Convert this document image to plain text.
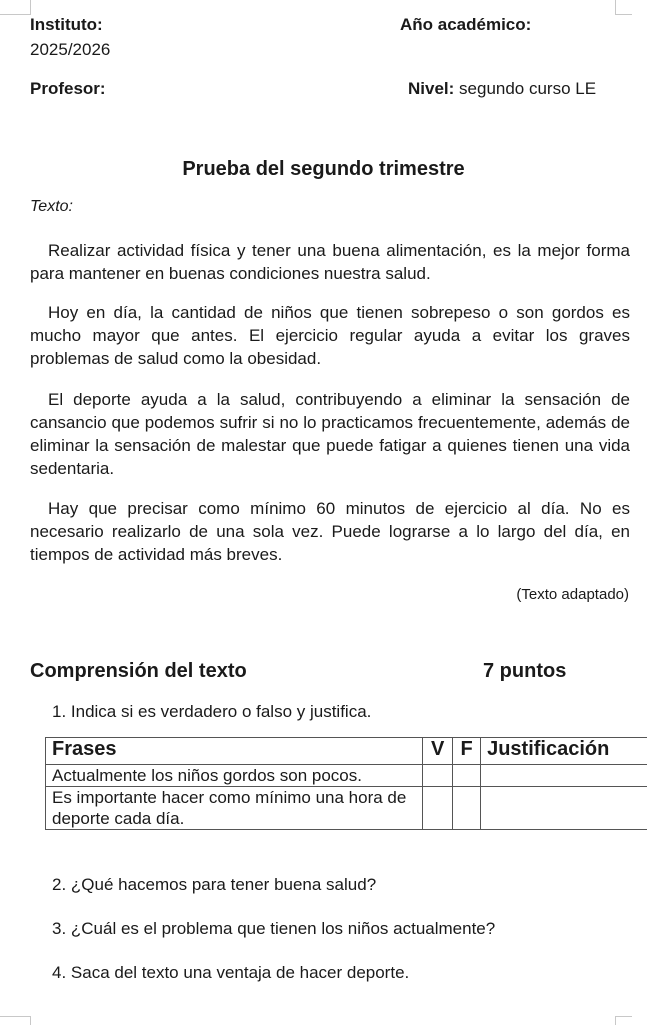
Instituto:	Año académico:
2025/2026
Profesor:	Nivel: segundo curso LE
Prueba del segundo trimestre
Texto:
Realizar actividad física y tener una buena alimentación, es la mejor forma para mantener en buenas condiciones nuestra salud.
Hoy en día, la cantidad de niños que tienen sobrepeso o son gordos es mucho mayor que antes. El ejercicio regular ayuda a evitar los graves problemas de salud como la obesidad.
El deporte ayuda a la salud, contribuyendo a eliminar la sensación de cansancio que podemos sufrir si no lo practicamos frecuentemente, además de eliminar la sensación de malestar que puede fatigar a quienes tienen una vida sedentaria.
Hay que precisar como mínimo 60 minutos de ejercicio al día. No es necesario realizarlo de una sola vez. Puede lograrse a lo largo del día, en tiempos de actividad más breves.
(Texto adaptado)
Comprensión del texto	7 puntos
1. Indica si es verdadero o falso y justifica.
Frases	V	F	Justificación
Actualmente los niños gordos son pocos.			
Es importante hacer como mínimo una hora de deporte cada día.			
2. ¿Qué hacemos para tener buena salud?
3. ¿Cuál es el problema que tienen los niños actualmente?
4. Saca del texto una ventaja de hacer deporte.
